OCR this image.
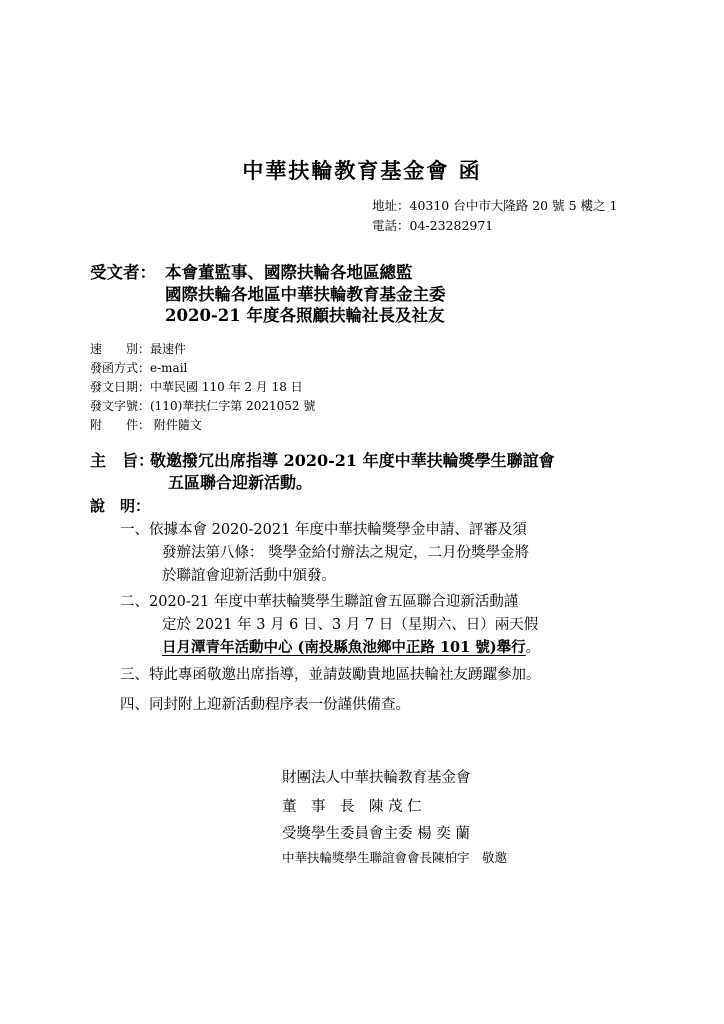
中華扶輪教育基金會 函
地址：40310 台中市大隆路 20 號 5 樓之 1
電話：04-23282971
受文者： 本會董監事、國際扶輪各地區總監
國際扶輪各地區中華扶輪教育基金主委
2020-21 年度各照顧扶輪社長及社友
速　　別：最速件
發函方式：e-mail
發文日期：中華民國 110 年 2 月 18 日
發文字號：(110)華扶仁字第 2021052 號
附　　件： 附件隨文
主　旨：
敬邀撥冗出席指導 2020-21 年度中華扶輪獎學生聯誼會
五區聯合迎新活動。
說　明：
一、依據本會 2020-2021 年度中華扶輪獎學金申請、評審及須
發辦法第八條： 獎學金給付辦法之規定，二月份獎學金將
於聯誼會迎新活動中頒發。
二、2020-21 年度中華扶輪獎學生聯誼會五區聯合迎新活動謹
定於 2021 年 3 月 6 日、3 月 7 日（星期六、日）兩天假
日月潭青年活動中心 (南投縣魚池鄉中正路 101 號)舉行。
三、特此專函敬邀出席指導，並請鼓勵貴地區扶輪社友踴躍參加。
四、同封附上迎新活動程序表一份謹供備查。
財團法人中華扶輪教育基金會
董　事　長　陳 茂 仁
受獎學生委員會主委 楊 奕 蘭
中華扶輪獎學生聯誼會會長陳柏宇　敬邀
